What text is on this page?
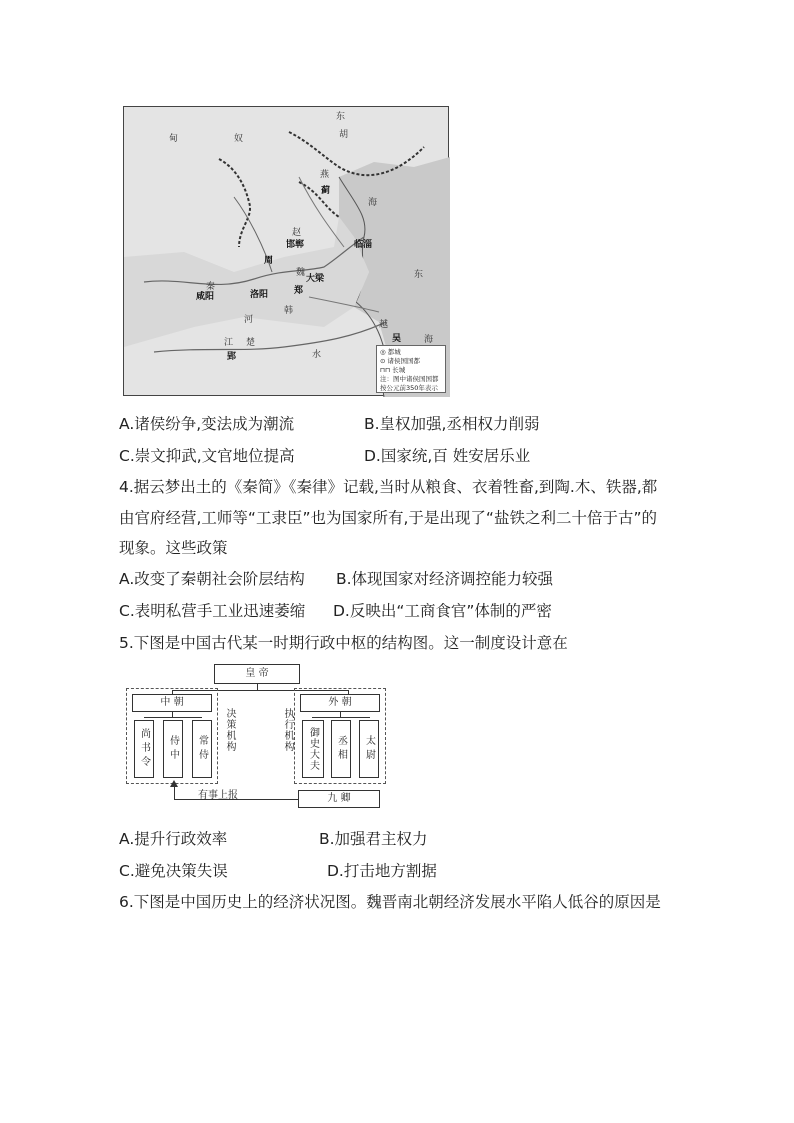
东
胡
甸	奴
燕
蓟
赵
邯郸	临淄
海
东
海
周
魏
大梁
秦
咸阳	洛阳	郑
韩
河
江 楚
郢	水
越
吴
◎ 都城
⊙ 诸侯国国都
⊓⊓ 长城
注：图中诸侯国国都
按公元前350年表示
A.诸侯纷争,变法成为潮流	B.皇权加强,丞相权力削弱
C.崇文抑武,文官地位提高	D.国家统,百 姓安居乐业
4.据云梦出土的《秦简》《秦律》记载,当时从粮食、衣着牲畜,到陶.木、铁器,都
由官府经营,工师等“工隶臣”也为国家所有,于是出现了“盐铁之利二十倍于古”的
现象。这些政策
A.改变了秦朝社会阶层结构 B.体现国家对经济调控能力较强
C.表明私营手工业迅速萎缩 D.反映出“工商食官”体制的严密
5.下图是中国古代某一时期行政中枢的结构图。这一制度设计意在
皇 帝
中 朝	外 朝
尚书令	侍中	常侍	决策机构	执行机构	御史大夫	丞相	太尉
九 卿
有事上报
A.提升行政效率	B.加强君主权力
C.避免决策失误	D.打击地方割据
6.下图是中国历史上的经济状况图。魏晋南北朝经济发展水平陷人低谷的原因是
